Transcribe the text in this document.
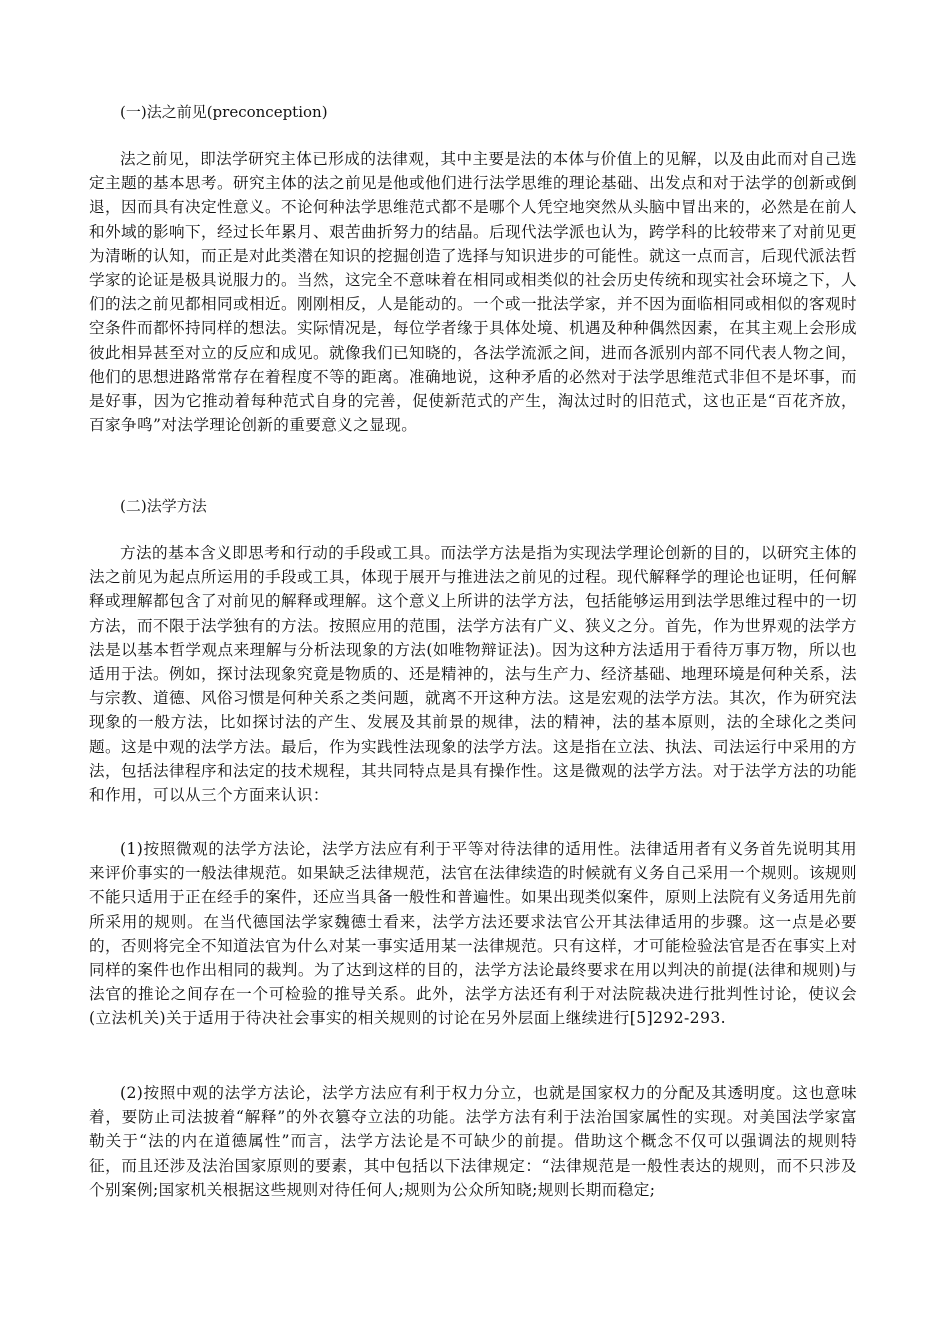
(一)法之前见(preconception)

法之前见，即法学研究主体已形成的法律观，其中主要是法的本体与价值上的见解，以及由此而对自己选定主题的基本思考。研究主体的法之前见是他或他们进行法学思维的理论基础、出发点和对于法学的创新或倒退，因而具有决定性意义。不论何种法学思维范式都不是哪个人凭空地突然从头脑中冒出来的，必然是在前人和外域的影响下，经过长年累月、艰苦曲折努力的结晶。后现代法学派也认为，跨学科的比较带来了对前见更为清晰的认知，而正是对此类潜在知识的挖掘创造了选择与知识进步的可能性。就这一点而言，后现代派法哲学家的论证是极具说服力的。当然，这完全不意味着在相同或相类似的社会历史传统和现实社会环境之下，人们的法之前见都相同或相近。刚刚相反，人是能动的。一个或一批法学家，并不因为面临相同或相似的客观时空条件而都怀持同样的想法。实际情况是，每位学者缘于具体处境、机遇及种种偶然因素，在其主观上会形成彼此相异甚至对立的反应和成见。就像我们已知晓的，各法学流派之间，进而各派别内部不同代表人物之间，他们的思想进路常常存在着程度不等的距离。准确地说，这种矛盾的必然对于法学思维范式非但不是坏事，而是好事，因为它推动着每种范式自身的完善，促使新范式的产生，淘汰过时的旧范式，这也正是“百花齐放，百家争鸣”对法学理论创新的重要意义之显现。

(二)法学方法

方法的基本含义即思考和行动的手段或工具。而法学方法是指为实现法学理论创新的目的，以研究主体的法之前见为起点所运用的手段或工具，体现于展开与推进法之前见的过程。现代解释学的理论也证明，任何解释或理解都包含了对前见的解释或理解。这个意义上所讲的法学方法，包括能够运用到法学思维过程中的一切方法，而不限于法学独有的方法。按照应用的范围，法学方法有广义、狭义之分。首先，作为世界观的法学方法是以基本哲学观点来理解与分析法现象的方法(如唯物辩证法)。因为这种方法适用于看待万事万物，所以也适用于法。例如，探讨法现象究竟是物质的、还是精神的，法与生产力、经济基础、地理环境是何种关系，法与宗教、道德、风俗习惯是何种关系之类问题，就离不开这种方法。这是宏观的法学方法。其次，作为研究法现象的一般方法，比如探讨法的产生、发展及其前景的规律，法的精神，法的基本原则，法的全球化之类问题。这是中观的法学方法。最后，作为实践性法现象的法学方法。这是指在立法、执法、司法运行中采用的方法，包括法律程序和法定的技术规程，其共同特点是具有操作性。这是微观的法学方法。对于法学方法的功能和作用，可以从三个方面来认识：

(1)按照微观的法学方法论，法学方法应有利于平等对待法律的适用性。法律适用者有义务首先说明其用来评价事实的一般法律规范。如果缺乏法律规范，法官在法律续造的时候就有义务自己采用一个规则。该规则不能只适用于正在经手的案件，还应当具备一般性和普遍性。如果出现类似案件，原则上法院有义务适用先前所采用的规则。在当代德国法学家魏德士看来，法学方法还要求法官公开其法律适用的步骤。这一点是必要的，否则将完全不知道法官为什么对某一事实适用某一法律规范。只有这样，才可能检验法官是否在事实上对同样的案件也作出相同的裁判。为了达到这样的目的，法学方法论最终要求在用以判决的前提(法律和规则)与法官的推论之间存在一个可检验的推导关系。此外，法学方法还有利于对法院裁决进行批判性讨论，使议会(立法机关)关于适用于待决社会事实的相关规则的讨论在另外层面上继续进行[5]292-293.

(2)按照中观的法学方法论，法学方法应有利于权力分立，也就是国家权力的分配及其透明度。这也意味着，要防止司法披着“解释”的外衣篡夺立法的功能。法学方法有利于法治国家属性的实现。对美国法学家富勒关于“法的内在道德属性”而言，法学方法论是不可缺少的前提。借助这个概念不仅可以强调法的规则特征，而且还涉及法治国家原则的要素，其中包括以下法律规定：“法律规范是一般性表达的规则，而不只涉及个别案例;国家机关根据这些规则对待任何人;规则为公众所知晓;规则长期而稳定;
